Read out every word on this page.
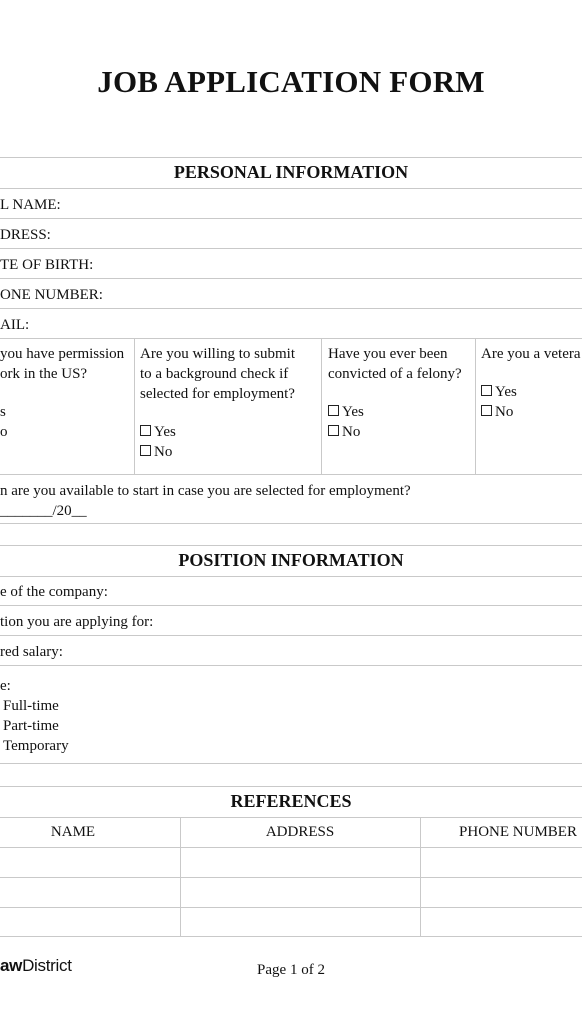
JOB APPLICATION FORM
PERSONAL INFORMATION
L NAME:
DRESS:
TE OF BIRTH:
ONE NUMBER:
AIL:
you have permission
ork in the US?
s
o
Are you willing to submit
to a background check if
selected for employment?
Yes
No
Have you ever been
convicted of a felony?
Yes
No
Are you a vetera
Yes
No
n are you available to start in case you are selected for employment?
_______/20__
POSITION INFORMATION
e of the company:
tion you are applying for:
red salary:
e:
Full-time
Part-time
Temporary
REFERENCES
NAME	ADDRESS	PHONE NUMBER
awDistrict	Page 1 of 2
